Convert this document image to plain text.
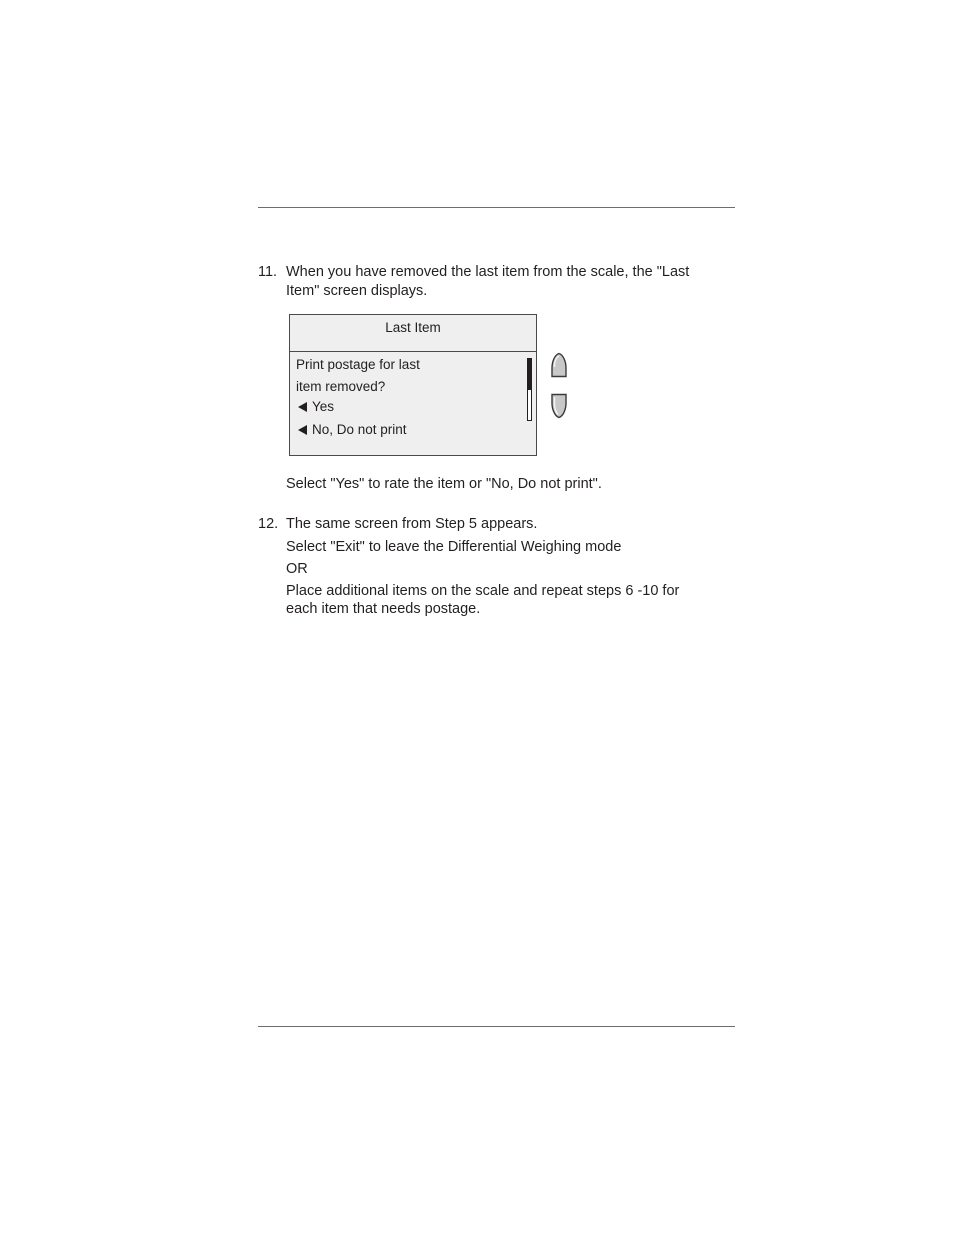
11. When you have removed the last item from the scale, the "Last
Item" screen displays.
Last Item
Print postage for last
item removed?
Yes
No, Do not print
Select "Yes" to rate the item or "No, Do not print".
12. The same screen from Step 5 appears.
Select "Exit" to leave the Differential Weighing mode
OR
Place additional items on the scale and repeat steps 6 -10 for
each item that needs postage.
